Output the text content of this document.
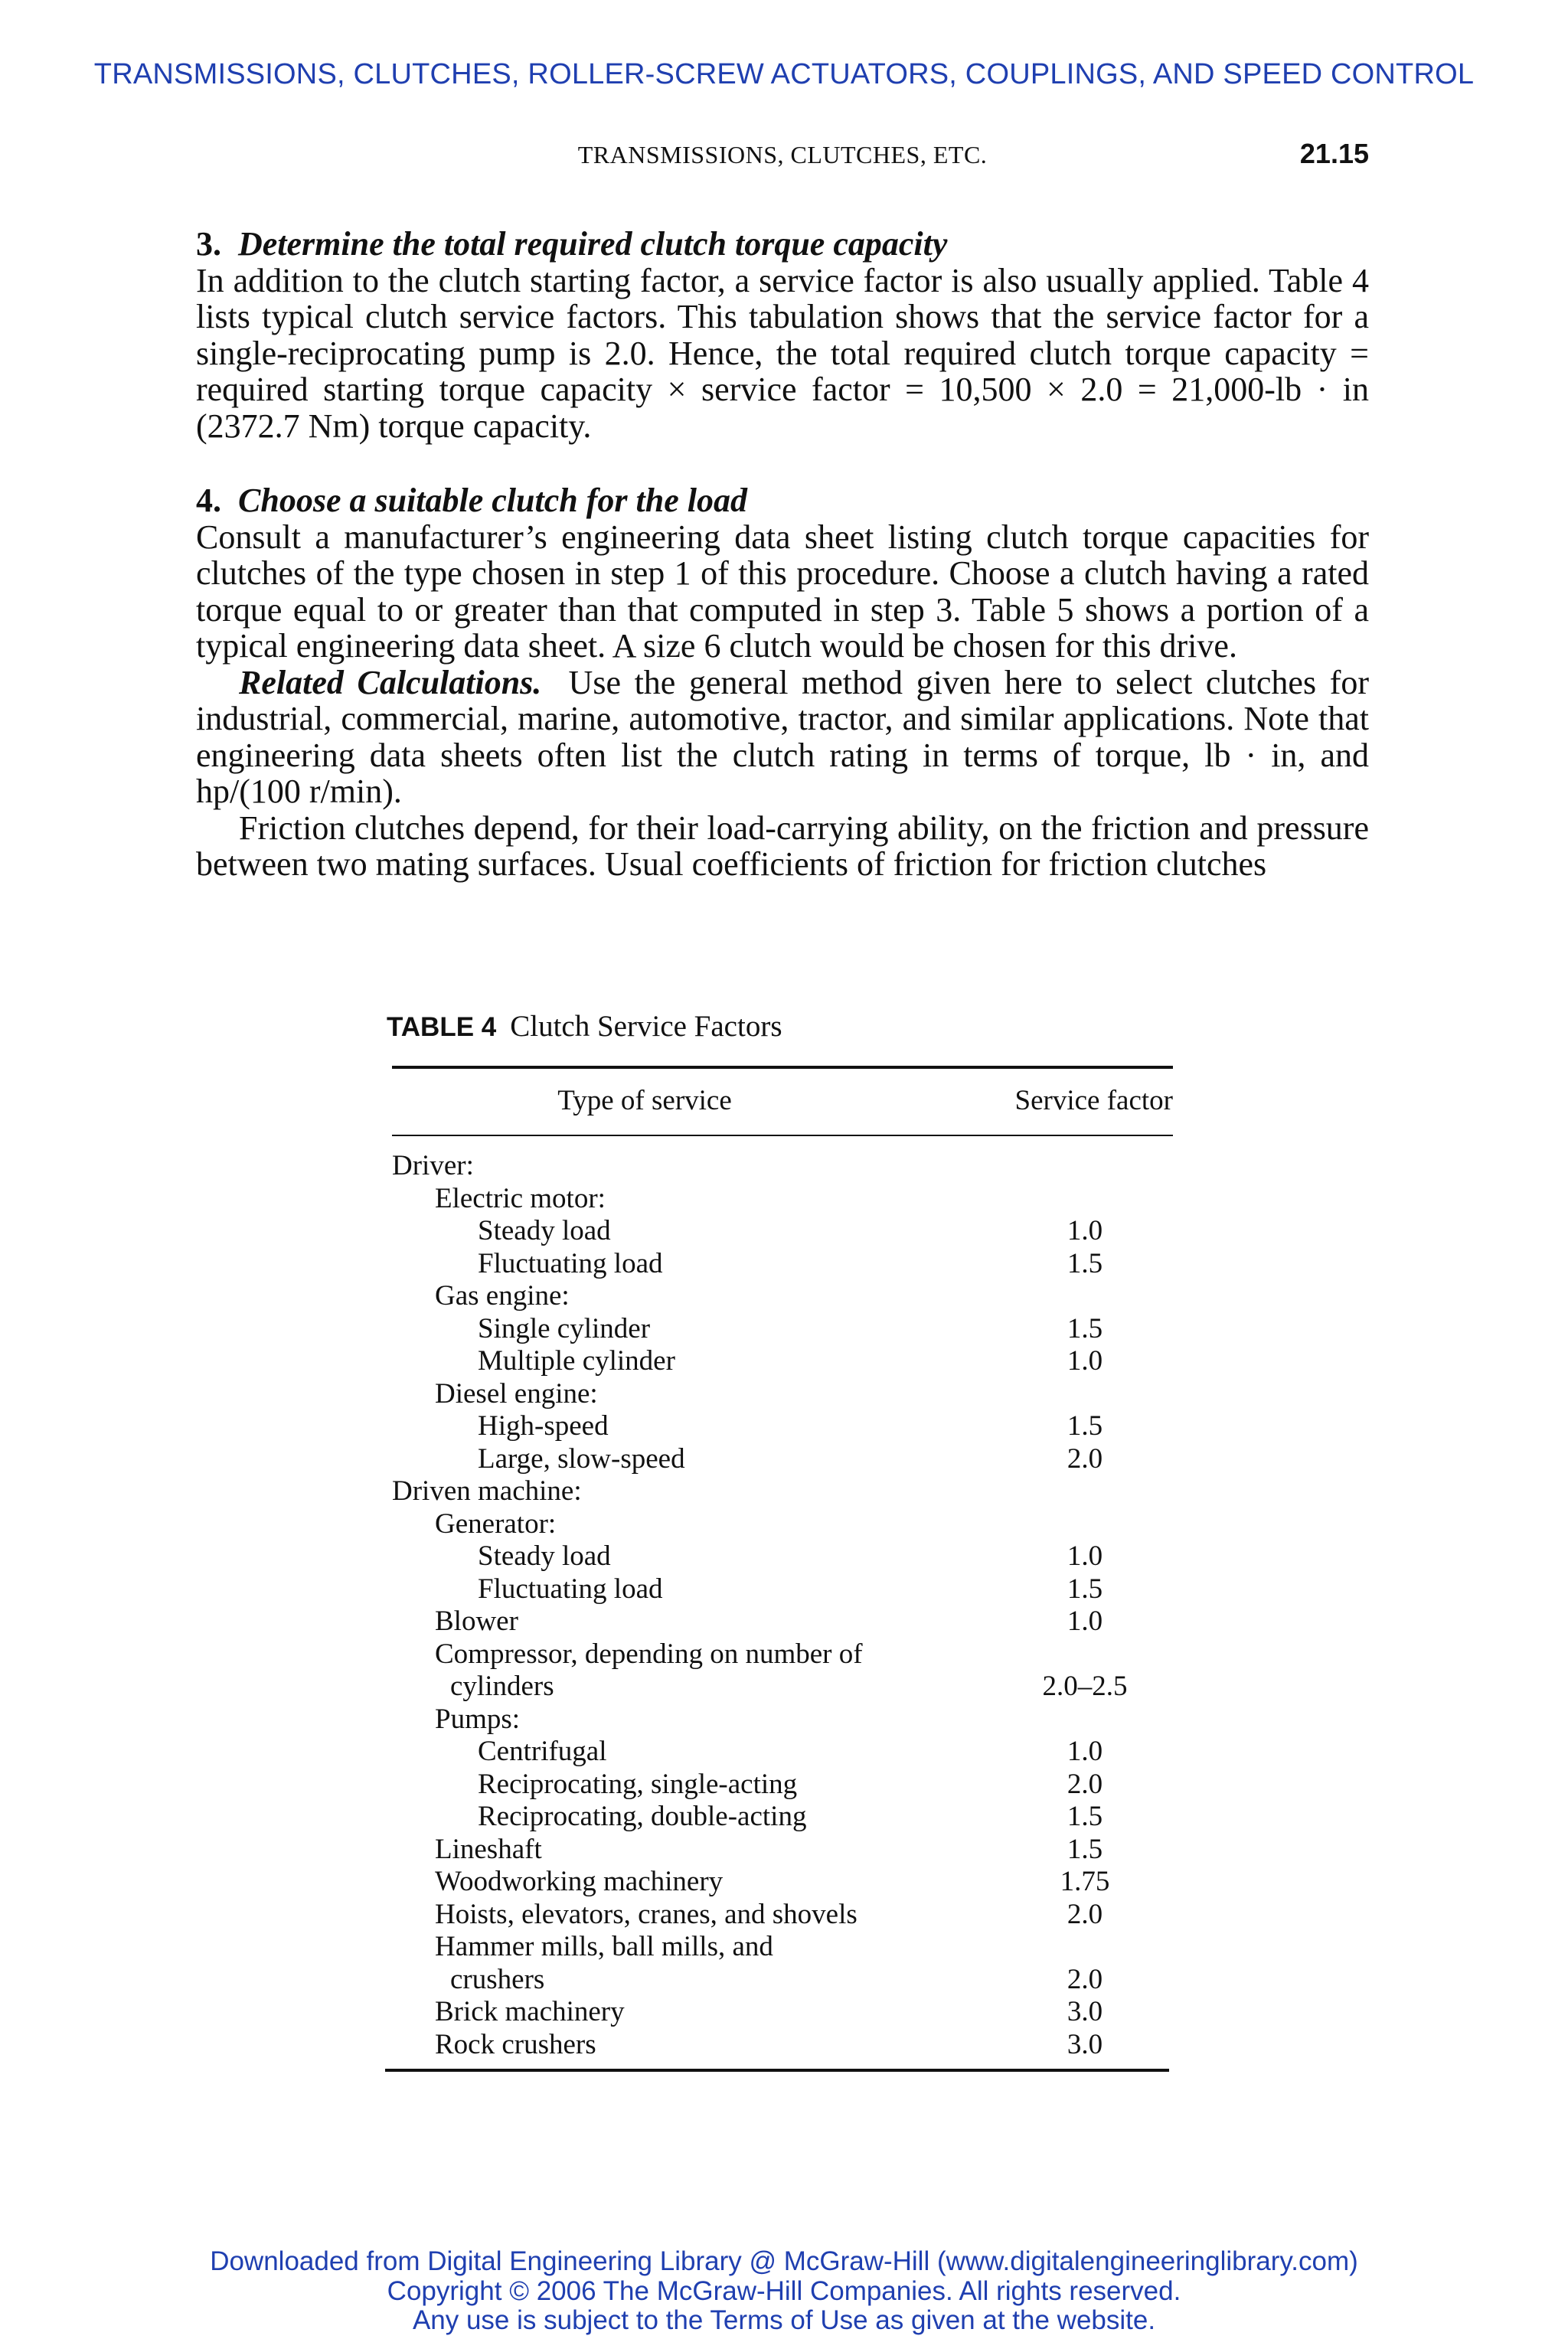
TRANSMISSIONS, CLUTCHES, ROLLER-SCREW ACTUATORS, COUPLINGS, AND SPEED CONTROL
TRANSMISSIONS, CLUTCHES, ETC.	21.15
3. Determine the total required clutch torque capacity

In addition to the clutch starting factor, a service factor is also usually applied. Table 4 lists typical clutch service factors. This tabulation shows that the service factor for a single-reciprocating pump is 2.0. Hence, the total required clutch torque capacity = required starting torque capacity × service factor = 10,500 × 2.0 = 21,000-lb · in (2372.7 Nm) torque capacity.

4. Choose a suitable clutch for the load

Consult a manufacturer’s engineering data sheet listing clutch torque capacities for clutches of the type chosen in step 1 of this procedure. Choose a clutch having a rated torque equal to or greater than that computed in step 3. Table 5 shows a portion of a typical engineering data sheet. A size 6 clutch would be chosen for this drive.

Related Calculations. Use the general method given here to select clutches for industrial, commercial, marine, automotive, tractor, and similar applications. Note that engineering data sheets often list the clutch rating in terms of torque, lb · in, and hp/(100 r/min).

Friction clutches depend, for their load-carrying ability, on the friction and pressure between two mating surfaces. Usual coefficients of friction for friction clutches

TABLE 4 Clutch Service Factors
Type of service	Service factor
Driver:
Electric motor:
Steady load	1.0
Fluctuating load	1.5
Gas engine:
Single cylinder	1.5
Multiple cylinder	1.0
Diesel engine:
High-speed	1.5
Large, slow-speed	2.0
Driven machine:
Generator:
Steady load	1.0
Fluctuating load	1.5
Blower	1.0
Compressor, depending on number of
cylinders	2.0–2.5
Pumps:
Centrifugal	1.0
Reciprocating, single-acting	2.0
Reciprocating, double-acting	1.5
Lineshaft	1.5
Woodworking machinery	1.75
Hoists, elevators, cranes, and shovels	2.0
Hammer mills, ball mills, and
crushers	2.0
Brick machinery	3.0
Rock crushers	3.0
Downloaded from Digital Engineering Library @ McGraw-Hill (www.digitalengineeringlibrary.com)
Copyright © 2006 The McGraw-Hill Companies. All rights reserved.
Any use is subject to the Terms of Use as given at the website.
